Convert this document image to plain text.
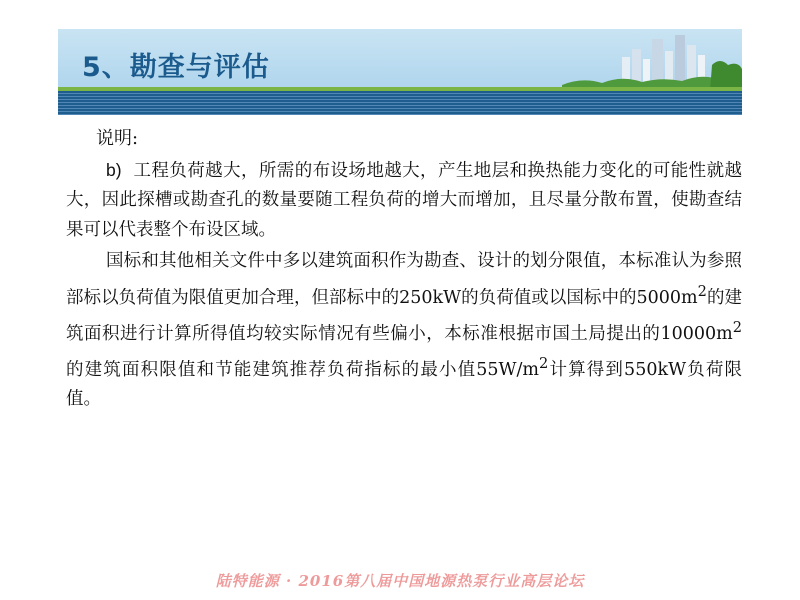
5、勘查与评估

说明:

b) 工程负荷越大，所需的布设场地越大，产生地层和换热能力变化的可能性就越大，因此探槽或勘查孔的数量要随工程负荷的增大而增加，且尽量分散布置，使勘查结果可以代表整个布设区域。

国标和其他相关文件中多以建筑面积作为勘查、设计的划分限值，本标准认为参照部标以负荷值为限值更加合理，但部标中的250kW的负荷值或以国标中的$5000m^2$的建筑面积进行计算所得值均较实际情况有些偏小，本标准根据市国土局提出的$10000m^2$的建筑面积限值和节能建筑推荐负荷指标的最小值$55W/m^2$计算得到550kW负荷限值。

陆特能源 · 2016第八届中国地源热泵行业高层论坛
